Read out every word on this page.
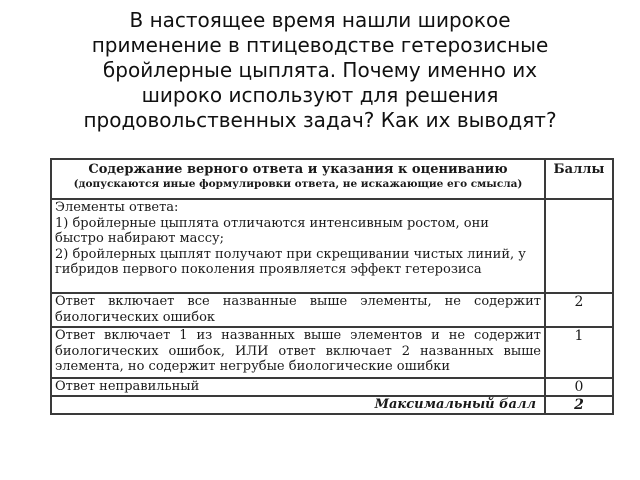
В настоящее время нашли широкое
применение в птицеводстве гетерозисные
бройлерные цыплята. Почему именно их
широко используют для решения
продовольственных задач? Как их выводят?
Содержание верного ответа и указания к оцениванию
(допускаются иные формулировки ответа, не искажающие его смысла)	Баллы

Элементы ответа:
1) бройлерные цыплята отличаются интенсивным ростом, они
быстро набирают массу;
2) бройлерных цыплят получают при скрещивании чистых линий, у
гибридов первого поколения проявляется эффект гетерозиса	

Ответ включает все названные выше элементы, не содержит биологических ошибок	2
Ответ включает 1 из названных выше элементов и не содержит биологических ошибок, ИЛИ ответ включает 2 названных выше элемента, но содержит негрубые биологические ошибки	1
Ответ неправильный	0
Максимальный балл	2
